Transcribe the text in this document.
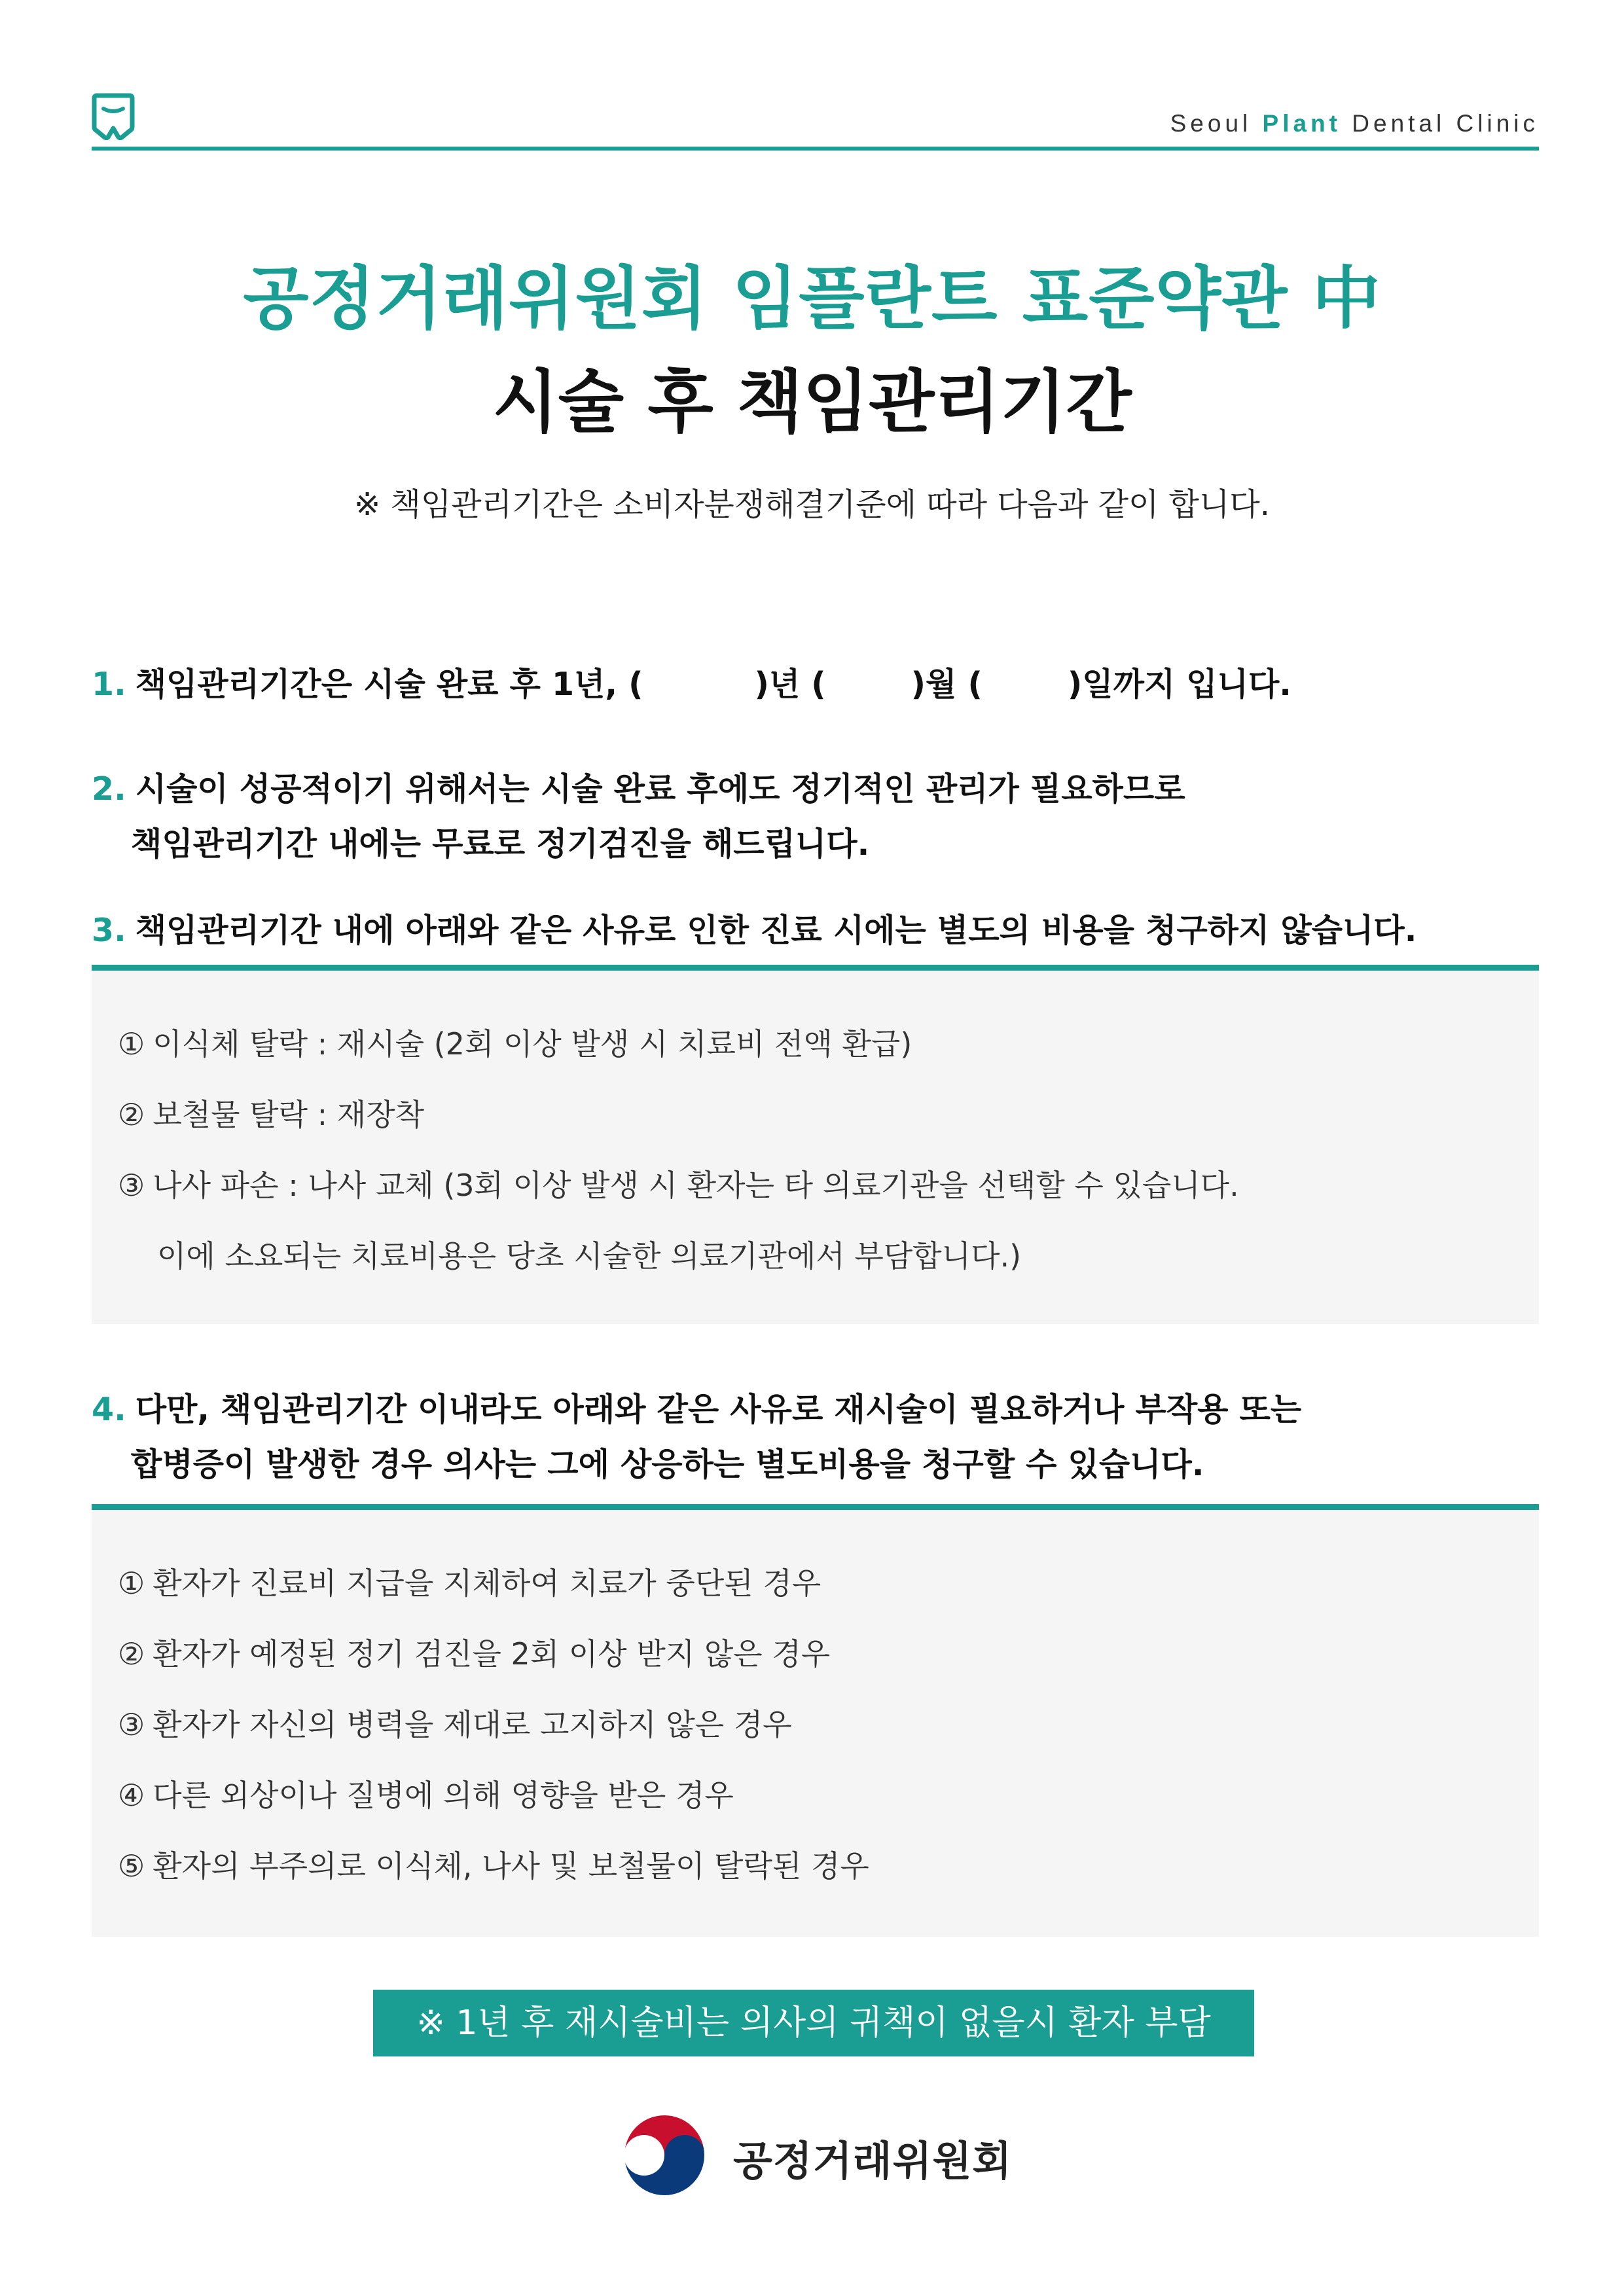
Seoul Plant Dental Clinic
공정거래위원회 임플란트 표준약관 中
시술 후 책임관리기간
※ 책임관리기간은 소비자분쟁해결기준에 따라 다음과 같이 합니다.
1. 책임관리기간은 시술 완료 후 1년, (	)년 (	)월 (	)일까지 입니다.
2. 시술이 성공적이기 위해서는 시술 완료 후에도 정기적인 관리가 필요하므로
책임관리기간 내에는 무료로 정기검진을 해드립니다.
3. 책임관리기간 내에 아래와 같은 사유로 인한 진료 시에는 별도의 비용을 청구하지 않습니다.
① 이식체 탈락 : 재시술 (2회 이상 발생 시 치료비 전액 환급)
② 보철물 탈락 : 재장착
③ 나사 파손 : 나사 교체 (3회 이상 발생 시 환자는 타 의료기관을 선택할 수 있습니다.
이에 소요되는 치료비용은 당초 시술한 의료기관에서 부담합니다.)
4. 다만, 책임관리기간 이내라도 아래와 같은 사유로 재시술이 필요하거나 부작용 또는
합병증이 발생한 경우 의사는 그에 상응하는 별도비용을 청구할 수 있습니다.
① 환자가 진료비 지급을 지체하여 치료가 중단된 경우
② 환자가 예정된 정기 검진을 2회 이상 받지 않은 경우
③ 환자가 자신의 병력을 제대로 고지하지 않은 경우
④ 다른 외상이나 질병에 의해 영향을 받은 경우
⑤ 환자의 부주의로 이식체, 나사 및 보철물이 탈락된 경우
※ 1년 후 재시술비는 의사의 귀책이 없을시 환자 부담
공정거래위원회
